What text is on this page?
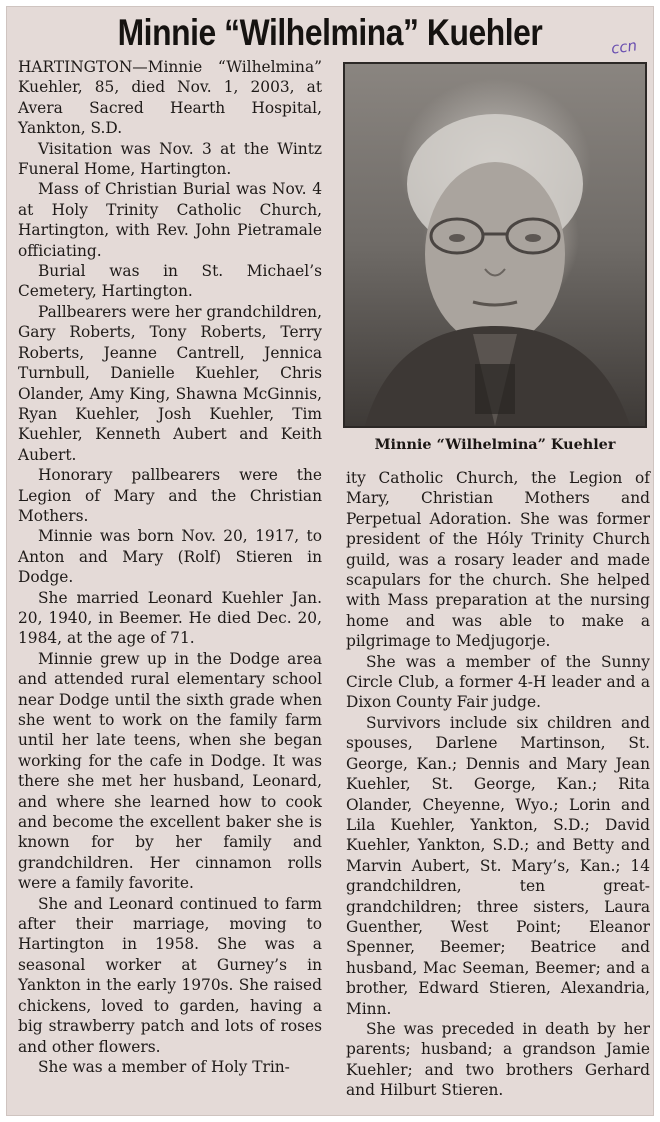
Minnie “Wilhelmina” Kuehler	ccn

HARTINGTON—Minnie “Wilhelmina” Kuehler, 85, died Nov. 1, 2003, at Avera Sacred Hearth Hospital, Yankton, S.D.

Visitation was Nov. 3 at the Wintz Funeral Home, Hartington.

Mass of Christian Burial was Nov. 4 at Holy Trinity Catholic Church, Hartington, with Rev. John Pietramale officiating.

Burial was in St. Michael’s Cemetery, Hartington.

Pallbearers were her grandchildren, Gary Roberts, Tony Roberts, Terry Roberts, Jeanne Cantrell, Jennica Turnbull, Danielle Kuehler, Chris Olander, Amy King, Shawna McGinnis, Ryan Kuehler, Josh Kuehler, Tim Kuehler, Kenneth Aubert and Keith Aubert.

Honorary pallbearers were the Legion of Mary and the Christian Mothers.

Minnie was born Nov. 20, 1917, to Anton and Mary (Rolf) Stieren in Dodge.

She married Leonard Kuehler Jan. 20, 1940, in Beemer. He died Dec. 20, 1984, at the age of 71.

Minnie grew up in the Dodge area and attended rural elementary school near Dodge until the sixth grade when she went to work on the family farm until her late teens, when she began working for the cafe in Dodge. It was there she met her husband, Leonard, and where she learned how to cook and become the excellent baker she is known for by her family and grandchildren. Her cinnamon rolls were a family favorite.

She and Leonard continued to farm after their marriage, moving to Hartington in 1958. She was a seasonal worker at Gurney’s in Yankton in the early 1970s. She raised chickens, loved to garden, having a big strawberry patch and lots of roses and other flowers.

She was a member of Holy Trin-

Minnie “Wilhelmina” Kuehler

ity Catholic Church, the Legion of Mary, Christian Mothers and Perpetual Adoration. She was former president of the Hóly Trinity Church guild, was a rosary leader and made scapulars for the church. She helped with Mass preparation at the nursing home and was able to make a pilgrimage to Medjugorje.

She was a member of the Sunny Circle Club, a former 4-H leader and a Dixon County Fair judge.

Survivors include six children and spouses, Darlene Martinson, St. George, Kan.; Dennis and Mary Jean Kuehler, St. George, Kan.; Rita Olander, Cheyenne, Wyo.; Lorin and Lila Kuehler, Yankton, S.D.; David Kuehler, Yankton, S.D.; and Betty and Marvin Aubert, St. Mary’s, Kan.; 14 grandchildren, ten great-grandchildren; three sisters, Laura Guenther, West Point; Eleanor Spenner, Beemer; Beatrice and husband, Mac Seeman, Beemer; and a brother, Edward Stieren, Alexandria, Minn.

She was preceded in death by her parents; husband; a grandson Jamie Kuehler; and two brothers Gerhard and Hilburt Stieren.
